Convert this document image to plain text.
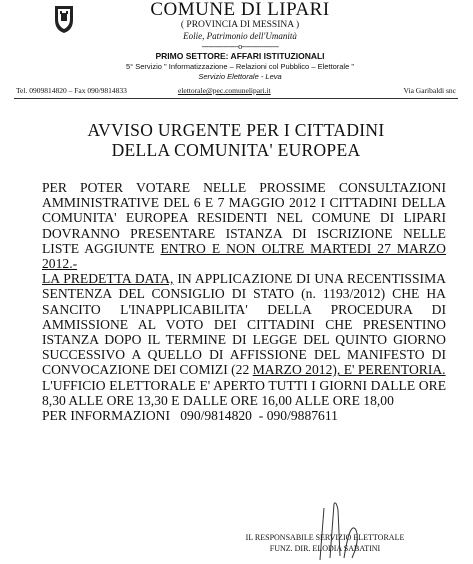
COMUNE DI LIPARI
( PROVINCIA DI MESSINA )
Eolie, Patrimonio dell'Umanità
-----------------o-----------------
PRIMO SETTORE: AFFARI ISTITUZIONALI
5° Servizio " Informatizzazione – Relazioni col Pubblico – Elettorale "
Servizio Elettorale - Leva
Tel. 0909814820 – Fax 090/9814833	elettorale@pec.comunelipari.it	Via Garibaldi snc
AVVISO URGENTE PER I CITTADINI
DELLA COMUNITA' EUROPEA

PER POTER VOTARE NELLE PROSSIME CONSULTAZIONI AMMINISTRATIVE DEL 6 E 7 MAGGIO 2012 I CITTADINI DELLA COMUNITA' EUROPEA RESIDENTI NEL COMUNE DI LIPARI DOVRANNO PRESENTARE ISTANZA DI ISCRIZIONE NELLE LISTE AGGIUNTE ENTRO E NON OLTRE MARTEDI 27 MARZO 2012.-

LA PREDETTA DATA, IN APPLICAZIONE DI UNA RECENTISSIMA SENTENZA DEL CONSIGLIO DI STATO (n. 1193/2012) CHE HA SANCITO L'INAPPLICABILITA' DELLA PROCEDURA DI AMMISSIONE AL VOTO DEI CITTADINI CHE PRESENTINO ISTANZA DOPO IL TERMINE DI LEGGE DEL QUINTO GIORNO SUCCESSIVO A QUELLO DI AFFISSIONE DEL MANIFESTO DI CONVOCAZIONE DEI COMIZI (22 MARZO 2012), E' PERENTORIA.

L'UFFICIO ELETTORALE E' APERTO TUTTI I GIORNI DALLE ORE 8,30 ALLE ORE 13,30 E DALLE ORE 16,00 ALLE ORE 18,00

PER INFORMAZIONI 090/9814820 - 090/9887611

IL RESPONSABILE SERVIZIO ELETTORALE
FUNZ. DIR. ELODIA SABATINI
